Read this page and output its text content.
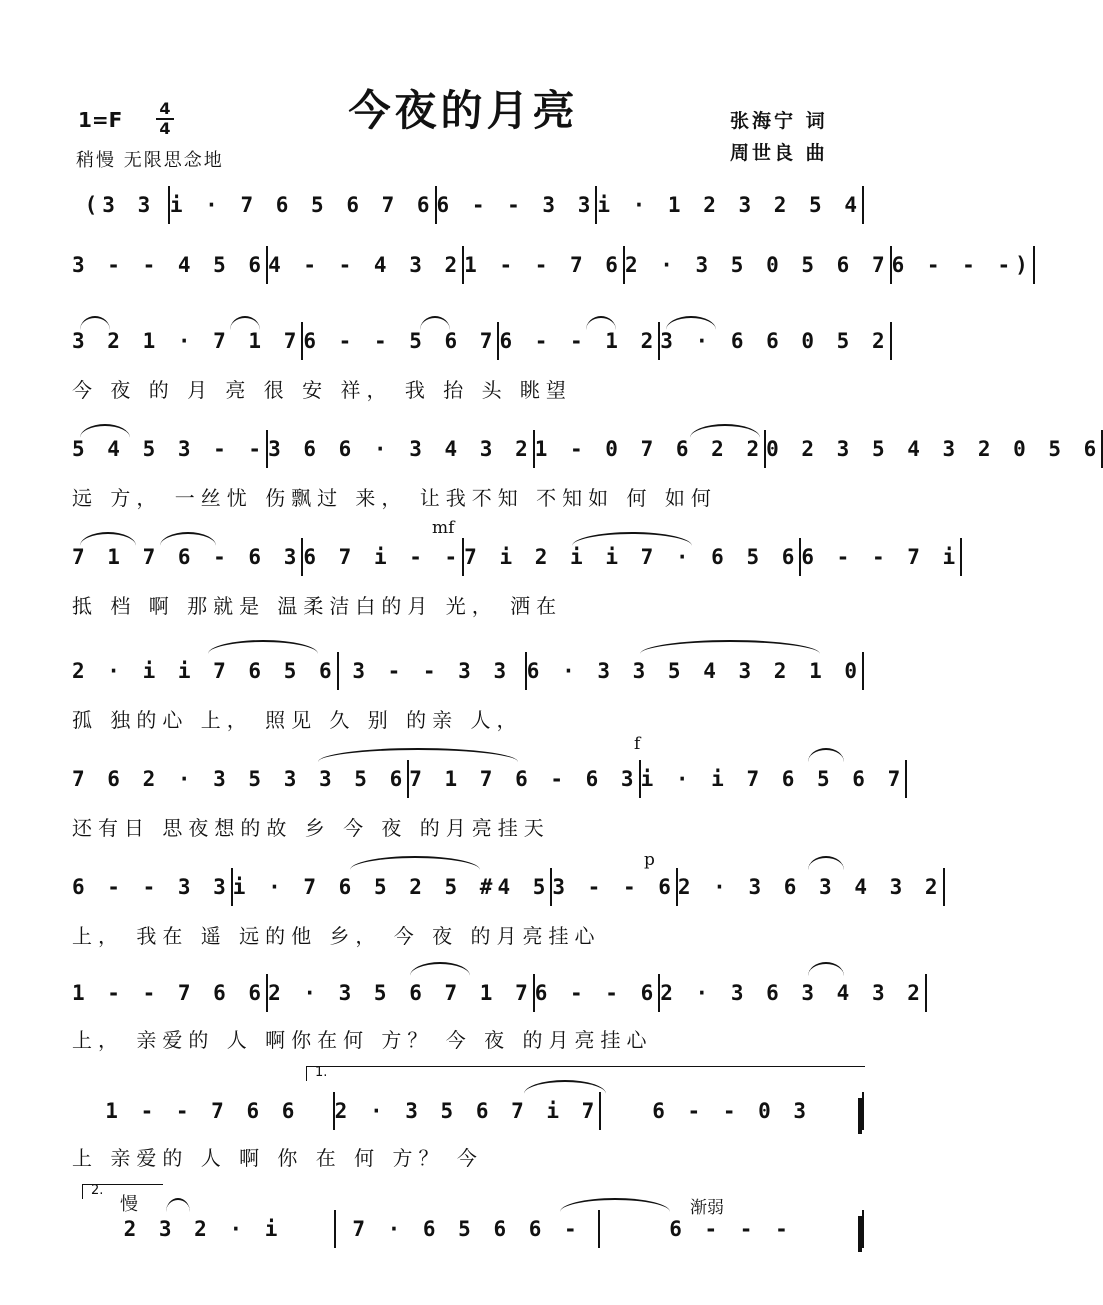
今夜的月亮
1=F	4
4
稍慢 无限思念地
张海宁 词
周世良 曲
(3 3 i · 7 6 5 6 7 6 6 - - 3 3 i · 1 2 3 2 5 4
3 - - 4 5 6 4 - - 4 3 2 1 - - 7 6 2 · 3 5 0 5 6 7 6 - - -)
3 2 1 · 7 1 7 6 - - 5 6 7 6 - - 1 2 3 · 6 6 0 5 2
今 夜 的 月 亮 很 安 祥， 我 抬 头 眺望
5 4 5 3 - - 3 6 6 · 3 4 3 2 1 - 0 7 6 2 2 0 2 3 5 4 3 2 0 5 6
远 方， 一丝忧 伤飘过 来， 让我不知 不知如 何 如何
7 1 7 6 - 6 3 6 7 i - - 7 i 2 i i 7 · 6 5 6 6 - - 7 i
抵 档 啊 那就是 温柔洁白的月 光， 洒在
2 · i i 7 6 5 6 3 - - 3 3 6 · 3 3 5 4 3 2 1 0
孤 独的心 上， 照见 久 别 的亲 人，
7 6 2 · 3 5 3 3 5 6 7 1 7 6 - 6 3 i · i 7 6 5 6 7
还有日 思夜想的故 乡 今 夜 的月亮挂天
6 - - 3 3 i · 7 6 5 2 5 #4 5 3 - - 6 2 · 3 6 3 4 3 2
上， 我在 遥 远的他 乡， 今 夜 的月亮挂心
1 - - 7 6 6 2 · 3 5 6 7 1 7 6 - - 6 2 · 3 6 3 4 3 2
上， 亲爱的 人 啊你在何 方？ 今 夜 的月亮挂心
1 - - 7 6 6	2 · 3 5 6 7 i 7	6 - - 0 3
上 亲爱的 人 啊 你 在 何 方？ 今
2 3 2 · i	7 · 6 5 6 6 -	6 - - -
mf
f
p
渐弱
慢
1.
2.
